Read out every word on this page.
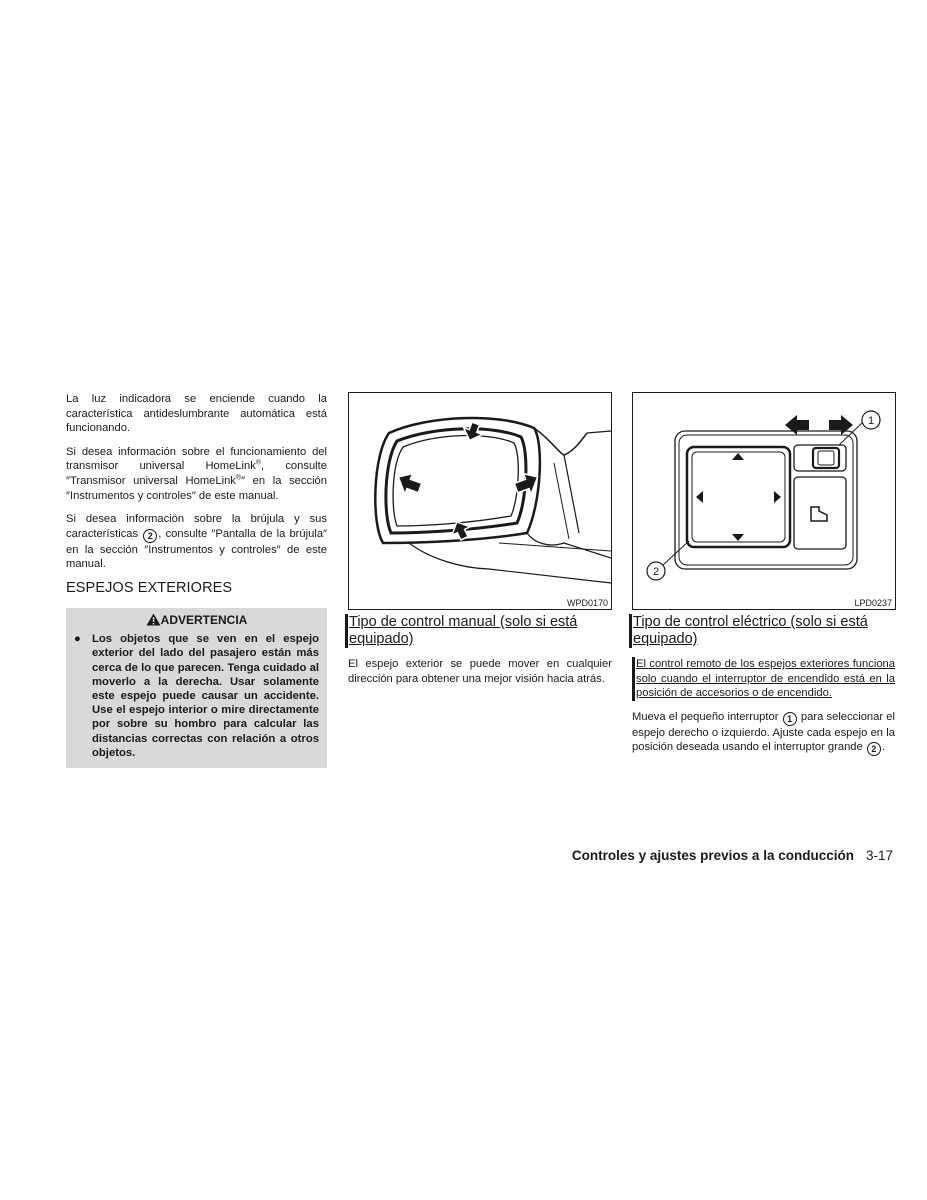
La luz indicadora se enciende cuando la característica antideslumbrante automática está funcionando.

Si desea información sobre el funcionamiento del transmisor universal HomeLink®, consulte ″Transmisor universal HomeLink®″ en la sección ″Instrumentos y controles″ de este manual.

Si desea información sobre la brújula y sus características 2 , consulte ″Pantalla de la brújula″ en la sección ″Instrumentos y controles″ de este manual.

ESPEJOS EXTERIORES
ADVERTENCIA
● Los objetos que se ven en el espejo exterior del lado del pasajero están más cerca de lo que parecen. Tenga cuidado al moverlo a la derecha. Usar solamente este espejo puede causar un accidente. Use el espejo interior o mire directamente por sobre su hombro para calcular las distancias correctas con relación a otros objetos.
WPD0170
Tipo de control manual (solo si está equipado)

El espejo exterior se puede mover en cualquier dirección para obtener una mejor visión hacia atrás.

1
2
LPD0237
Tipo de control eléctrico (solo si está equipado)

El control remoto de los espejos exteriores funciona solo cuando el interruptor de encendido está en la posición de accesorios o de encendido.

Mueva el pequeño interruptor 1 para seleccionar el espejo derecho o izquierdo. Ajuste cada espejo en la posición deseada usando el interruptor grande 2 .

Controles y ajustes previos a la conducción 3-17
